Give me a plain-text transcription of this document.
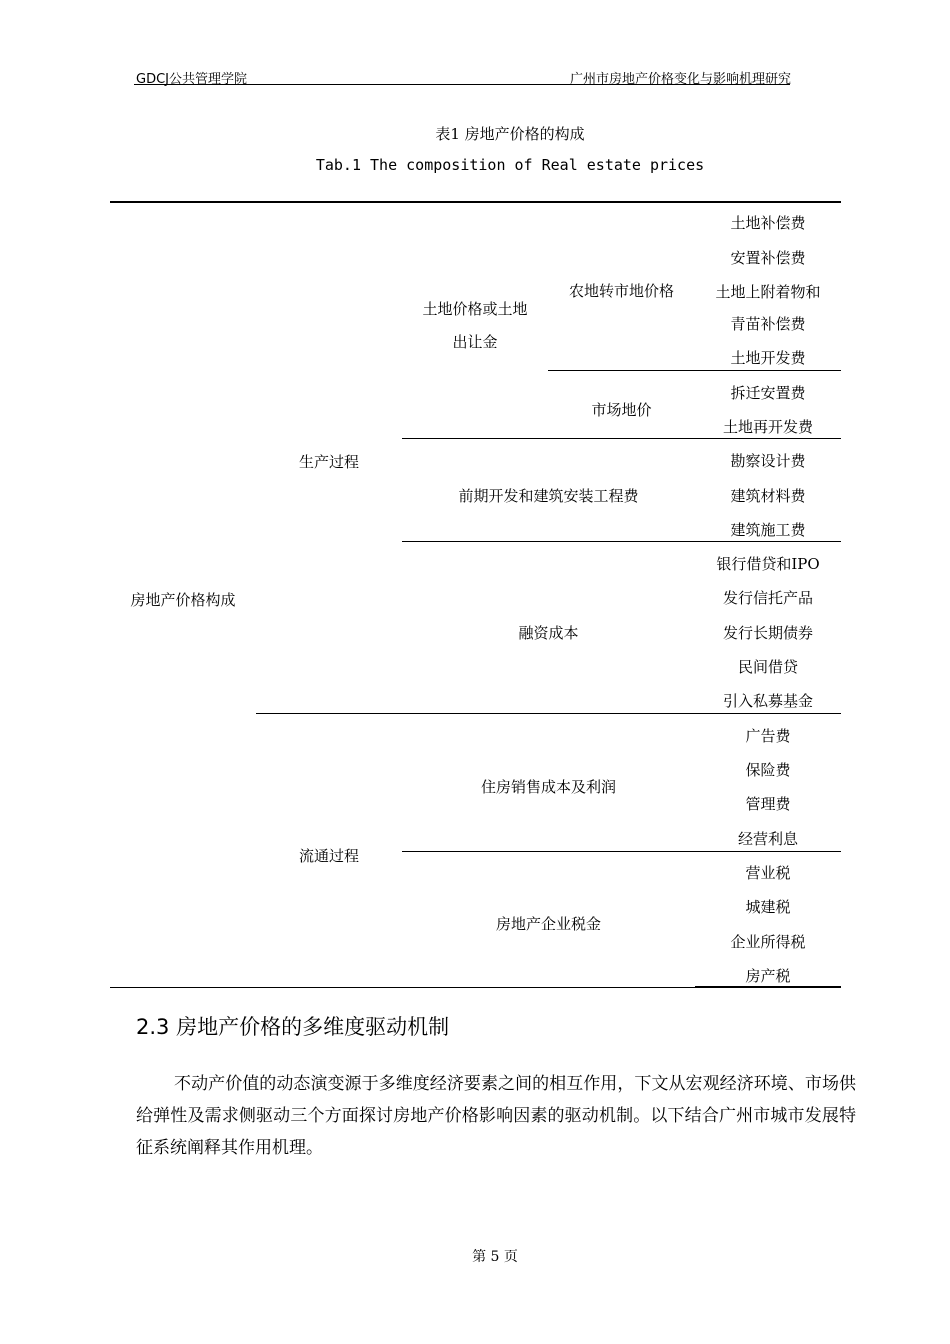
GDCJ公共管理学院	广州市房地产价格变化与影响机理研究
表1 房地产价格的构成
Tab.1 The composition of Real estate prices
房地产价格构成
生产过程
流通过程
土地价格或土地
出让金
农地转市地价格
市场地价
前期开发和建筑安装工程费
融资成本
住房销售成本及利润
房地产企业税金
土地补偿费
安置补偿费
土地上附着物和
青苗补偿费
土地开发费
拆迁安置费
土地再开发费
勘察设计费
建筑材料费
建筑施工费
银行借贷和IPO
发行信托产品
发行长期债券
民间借贷
引入私募基金
广告费
保险费
管理费
经营利息
营业税
城建税
企业所得税
房产税
2.3 房地产价格的多维度驱动机制
不动产价值的动态演变源于多维度经济要素之间的相互作用，下文从宏观经济环境、市场供给弹性及需求侧驱动三个方面探讨房地产价格影响因素的驱动机制。以下结合广州市城市发展特征系统阐释其作用机理。
第 5 页
